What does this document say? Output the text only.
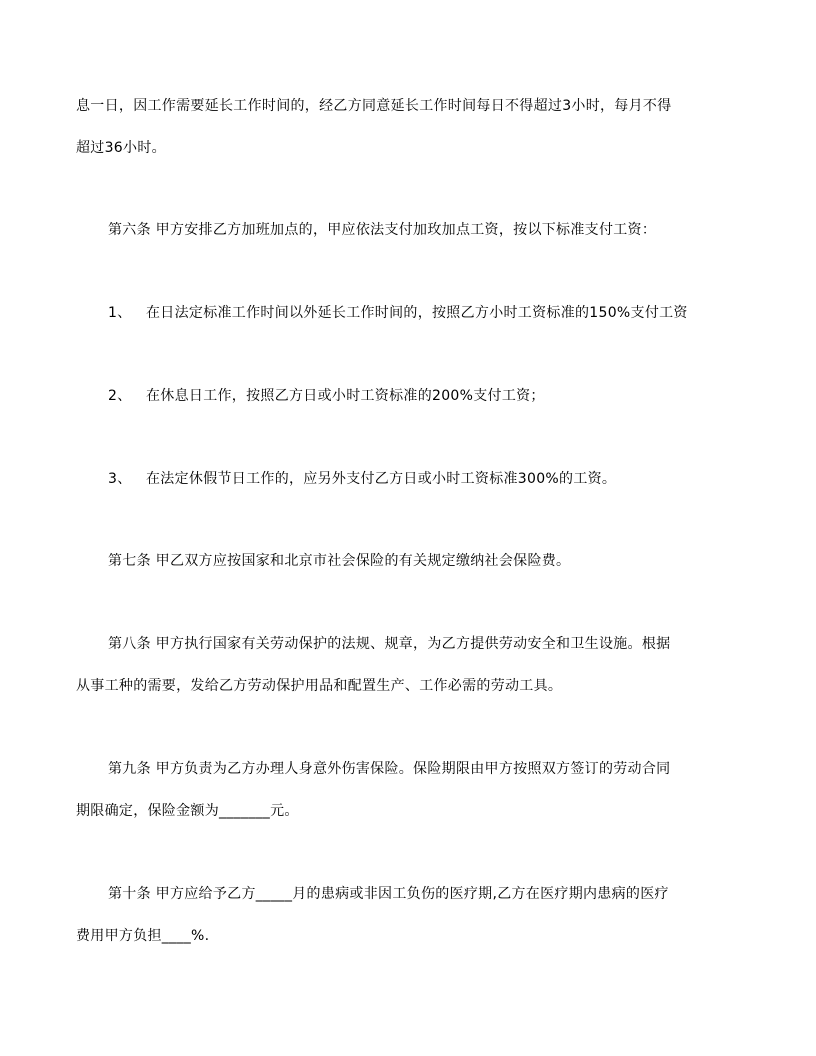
息一日，因工作需要延长工作时间的，经乙方同意延长工作时间每日不得超过3小时，每月不得
超过36小时。
第六条 甲方安排乙方加班加点的，甲应依法支付加玫加点工资，按以下标准支付工资：
1、 在日法定标准工作时间以外延长工作时间的，按照乙方小时工资标准的150%支付工资
2、 在休息日工作，按照乙方日或小时工资标准的200%支付工资；
3、 在法定休假节日工作的，应另外支付乙方日或小时工资标准300%的工资。
第七条 甲乙双方应按国家和北京市社会保险的有关规定缴纳社会保险费。
第八条 甲方执行国家有关劳动保护的法规、规章，为乙方提供劳动安全和卫生设施。根据
从事工种的需要，发给乙方劳动保护用品和配置生产、工作必需的劳动工具。
第九条 甲方负责为乙方办理人身意外伤害保险。保险期限由甲方按照双方签订的劳动合同
期限确定，保险金额为_______元。
第十条 甲方应给予乙方_____月的患病或非因工负伤的医疗期,乙方在医疗期内患病的医疗
费用甲方负担____%.
